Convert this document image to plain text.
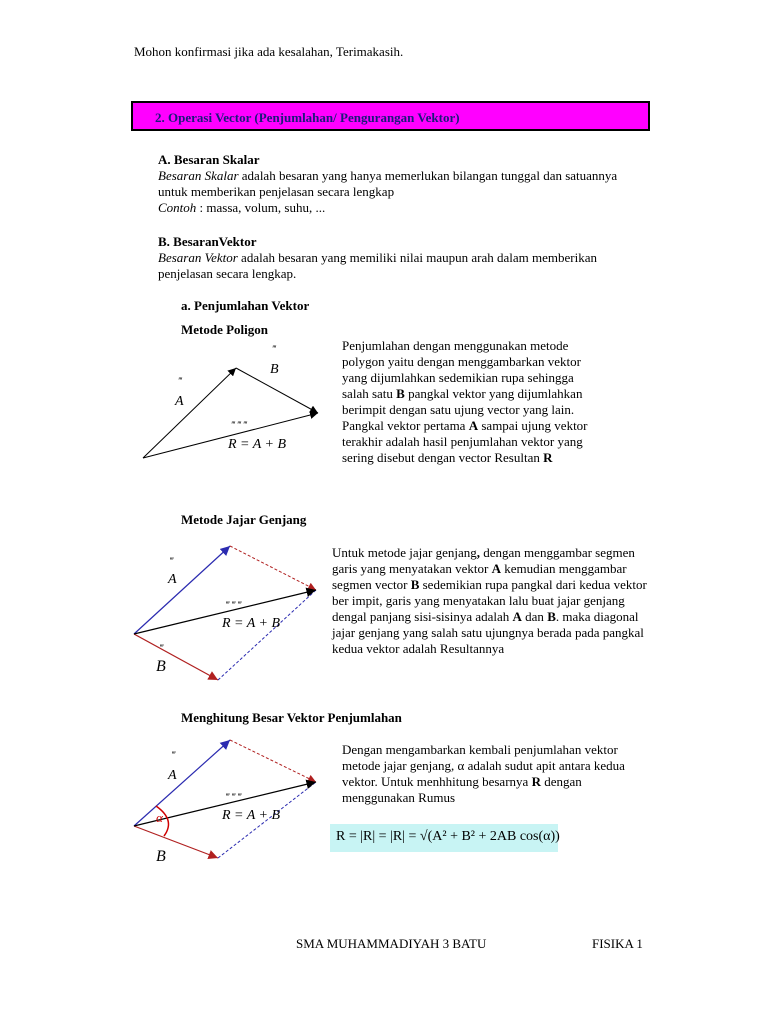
Mohon konfirmasi jika ada kesalahan, Terimakasih.
2. Operasi Vector (Penjumlahan/ Pengurangan Vektor)

A. Besaran Skalar

Besaran Skalar adalah besaran yang hanya memerlukan bilangan tunggal dan satuannya

untuk memberikan penjelasan secara lengkap

Contoh : massa, volum, suhu, ...

B. BesaranVektor

Besaran Vektor adalah besaran yang memiliki nilai maupun arah dalam memberikan

penjelasan secara lengkap.

a. Penjumlahan Vektor
Metode Poligon
‴
‴
‴ ‴ ‴
B
A
R = A + B
Penjumlahan dengan menggunakan metode polygon yaitu dengan menggambarkan vektor yang dijumlahkan sedemikian rupa sehingga salah satu B pangkal vektor yang dijumlahkan berimpit dengan satu ujung vector yang lain. Pangkal vektor pertama A sampai ujung vektor terakhir adalah hasil penjumlahan vektor yang sering disebut dengan vector Resultan R
Metode Jajar Genjang
‴
‴
‴ ‴ ‴
A
B
R = A + B
Untuk metode jajar genjang, dengan menggambar segmen garis yang menyatakan vektor A kemudian menggambar segmen vector B sedemikian rupa pangkal dari kedua vektor ber impit, garis yang menyatakan lalu buat jajar genjang dengal panjang sisi-sisinya adalah A dan B. maka diagonal jajar genjang yang salah satu ujungnya berada pada pangkal kedua vektor adalah Resultannya
Menghitung Besar Vektor Penjumlahan
‴
‴ ‴ ‴
A
B
R = A + B
α
Dengan mengambarkan kembali penjumlahan vektor metode jajar genjang, α adalah sudut apit antara kedua vektor. Untuk menhhitung besarnya R dengan menggunakan Rumus
R = |R| = |R| = √(A² + B² + 2AB cos(α))
SMA MUHAMMADIYAH 3 BATU	FISIKA 1
